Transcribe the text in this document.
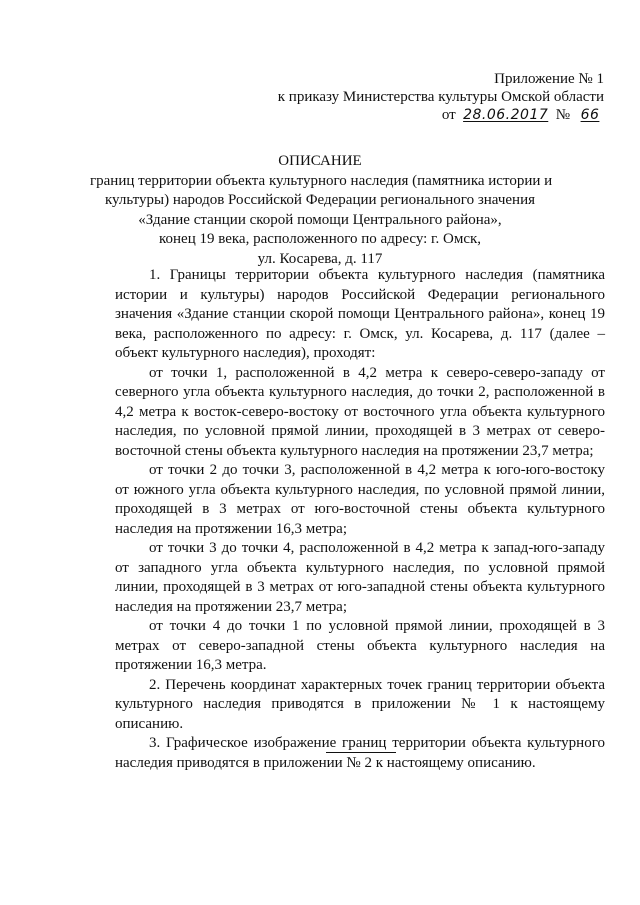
Приложение № 1
к приказу Министерства культуры Омской области
от 28.06.2017 № 66
ОПИСАНИЕ
границ территории объекта культурного наследия (памятника истории и
культуры) народов Российской Федерации регионального значения
«Здание станции скорой помощи Центрального района»,
конец 19 века, расположенного по адресу: г. Омск,
ул. Косарева, д. 117

1. Границы территории объекта культурного наследия (памятника истории и культуры) народов Российской Федерации регионального значения «Здание станции скорой помощи Центрального района», конец 19 века, расположенного по адресу: г. Омск, ул. Косарева, д. 117 (далее – объект культурного наследия), проходят:

от точки 1, расположенной в 4,2 метра к северо-северо-западу от северного угла объекта культурного наследия, до точки 2, расположенной в 4,2 метра к восток-северо-востоку от восточного угла объекта культурного наследия, по условной прямой линии, проходящей в 3 метрах от северо-восточной стены объекта культурного наследия на протяжении 23,7 метра;

от точки 2 до точки 3, расположенной в 4,2 метра к юго-юго-востоку от южного угла объекта культурного наследия, по условной прямой линии, проходящей в 3 метрах от юго-восточной стены объекта культурного наследия на протяжении 16,3 метра;

от точки 3 до точки 4, расположенной в 4,2 метра к запад-юго-западу от западного угла объекта культурного наследия, по условной прямой линии, проходящей в 3 метрах от юго-западной стены объекта культурного наследия на протяжении 23,7 метра;

от точки 4 до точки 1 по условной прямой линии, проходящей в 3 метрах от северо-западной стены объекта культурного наследия на протяжении 16,3 метра.

2. Перечень координат характерных точек границ территории объекта культурного наследия приводятся в приложении № 1 к настоящему описанию.

3. Графическое изображение границ территории объекта культурного наследия приводятся в приложении № 2 к настоящему описанию.
